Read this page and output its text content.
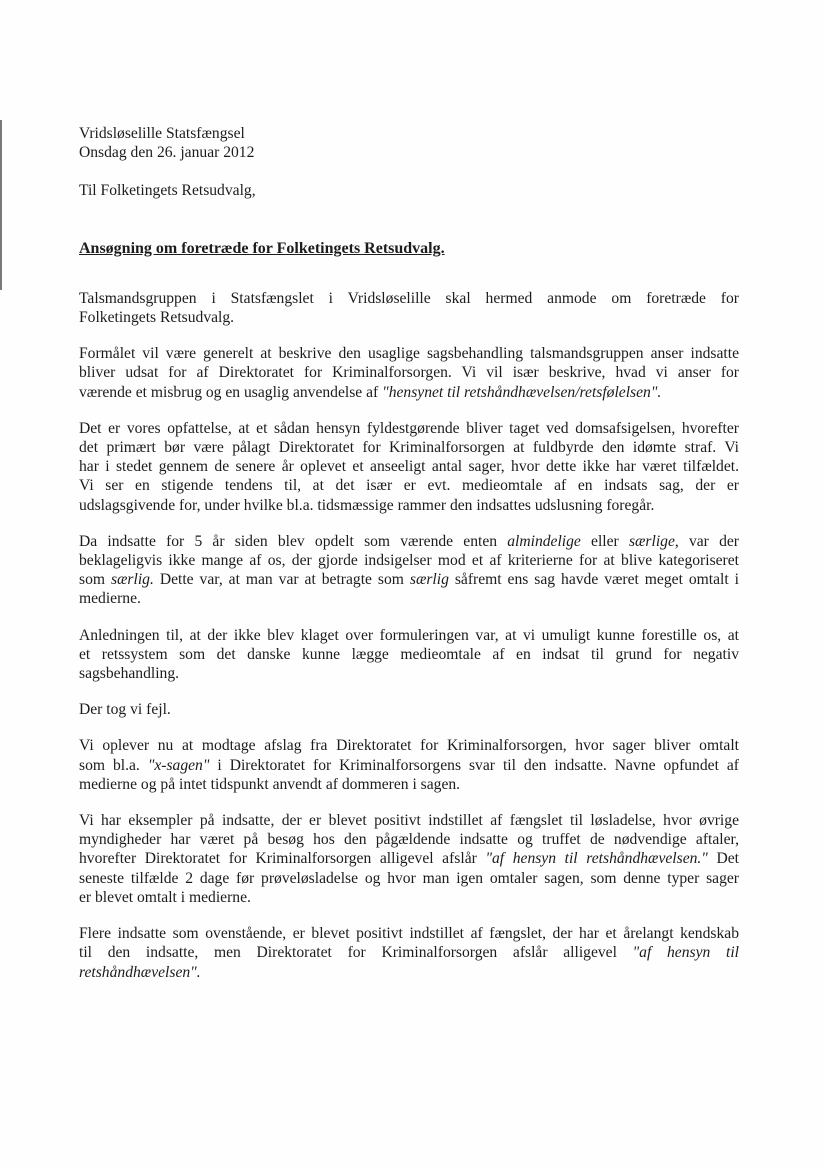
Vridsløselille Statsfængsel
Onsdag den 26. januar 2012
Til Folketingets Retsudvalg,
Ansøgning om foretræde for Folketingets Retsudvalg.
Talsmandsgruppen i Statsfængslet i Vridsløselille skal hermed anmode om foretræde for
Folketingets Retsudvalg.
Formålet vil være generelt at beskrive den usaglige sagsbehandling talsmandsgruppen anser indsatte
bliver udsat for af Direktoratet for Kriminalforsorgen. Vi vil især beskrive, hvad vi anser for
værende et misbrug og en usaglig anvendelse af "hensynet til retshåndhævelsen/retsfølelsen".
Det er vores opfattelse, at et sådan hensyn fyldestgørende bliver taget ved domsafsigelsen, hvorefter
det primært bør være pålagt Direktoratet for Kriminalforsorgen at fuldbyrde den idømte straf. Vi
har i stedet gennem de senere år oplevet et anseeligt antal sager, hvor dette ikke har været tilfældet.
Vi ser en stigende tendens til, at det især er evt. medieomtale af en indsats sag, der er
udslagsgivende for, under hvilke bl.a. tidsmæssige rammer den indsattes udslusning foregår.
Da indsatte for 5 år siden blev opdelt som værende enten almindelige eller særlige, var der
beklageligvis ikke mange af os, der gjorde indsigelser mod et af kriterierne for at blive kategoriseret
som særlig. Dette var, at man var at betragte som særlig såfremt ens sag havde været meget omtalt i
medierne.
Anledningen til, at der ikke blev klaget over formuleringen var, at vi umuligt kunne forestille os, at
et retssystem som det danske kunne lægge medieomtale af en indsat til grund for negativ
sagsbehandling.
Der tog vi fejl.
Vi oplever nu at modtage afslag fra Direktoratet for Kriminalforsorgen, hvor sager bliver omtalt
som bl.a. "x-sagen" i Direktoratet for Kriminalforsorgens svar til den indsatte. Navne opfundet af
medierne og på intet tidspunkt anvendt af dommeren i sagen.
Vi har eksempler på indsatte, der er blevet positivt indstillet af fængslet til løsladelse, hvor øvrige
myndigheder har været på besøg hos den pågældende indsatte og truffet de nødvendige aftaler,
hvorefter Direktoratet for Kriminalforsorgen alligevel afslår "af hensyn til retshåndhævelsen." Det
seneste tilfælde 2 dage før prøveløsladelse og hvor man igen omtaler sagen, som denne typer sager
er blevet omtalt i medierne.
Flere indsatte som ovenstående, er blevet positivt indstillet af fængslet, der har et årelangt kendskab
til den indsatte, men Direktoratet for Kriminalforsorgen afslår alligevel "af hensyn til
retshåndhævelsen".
